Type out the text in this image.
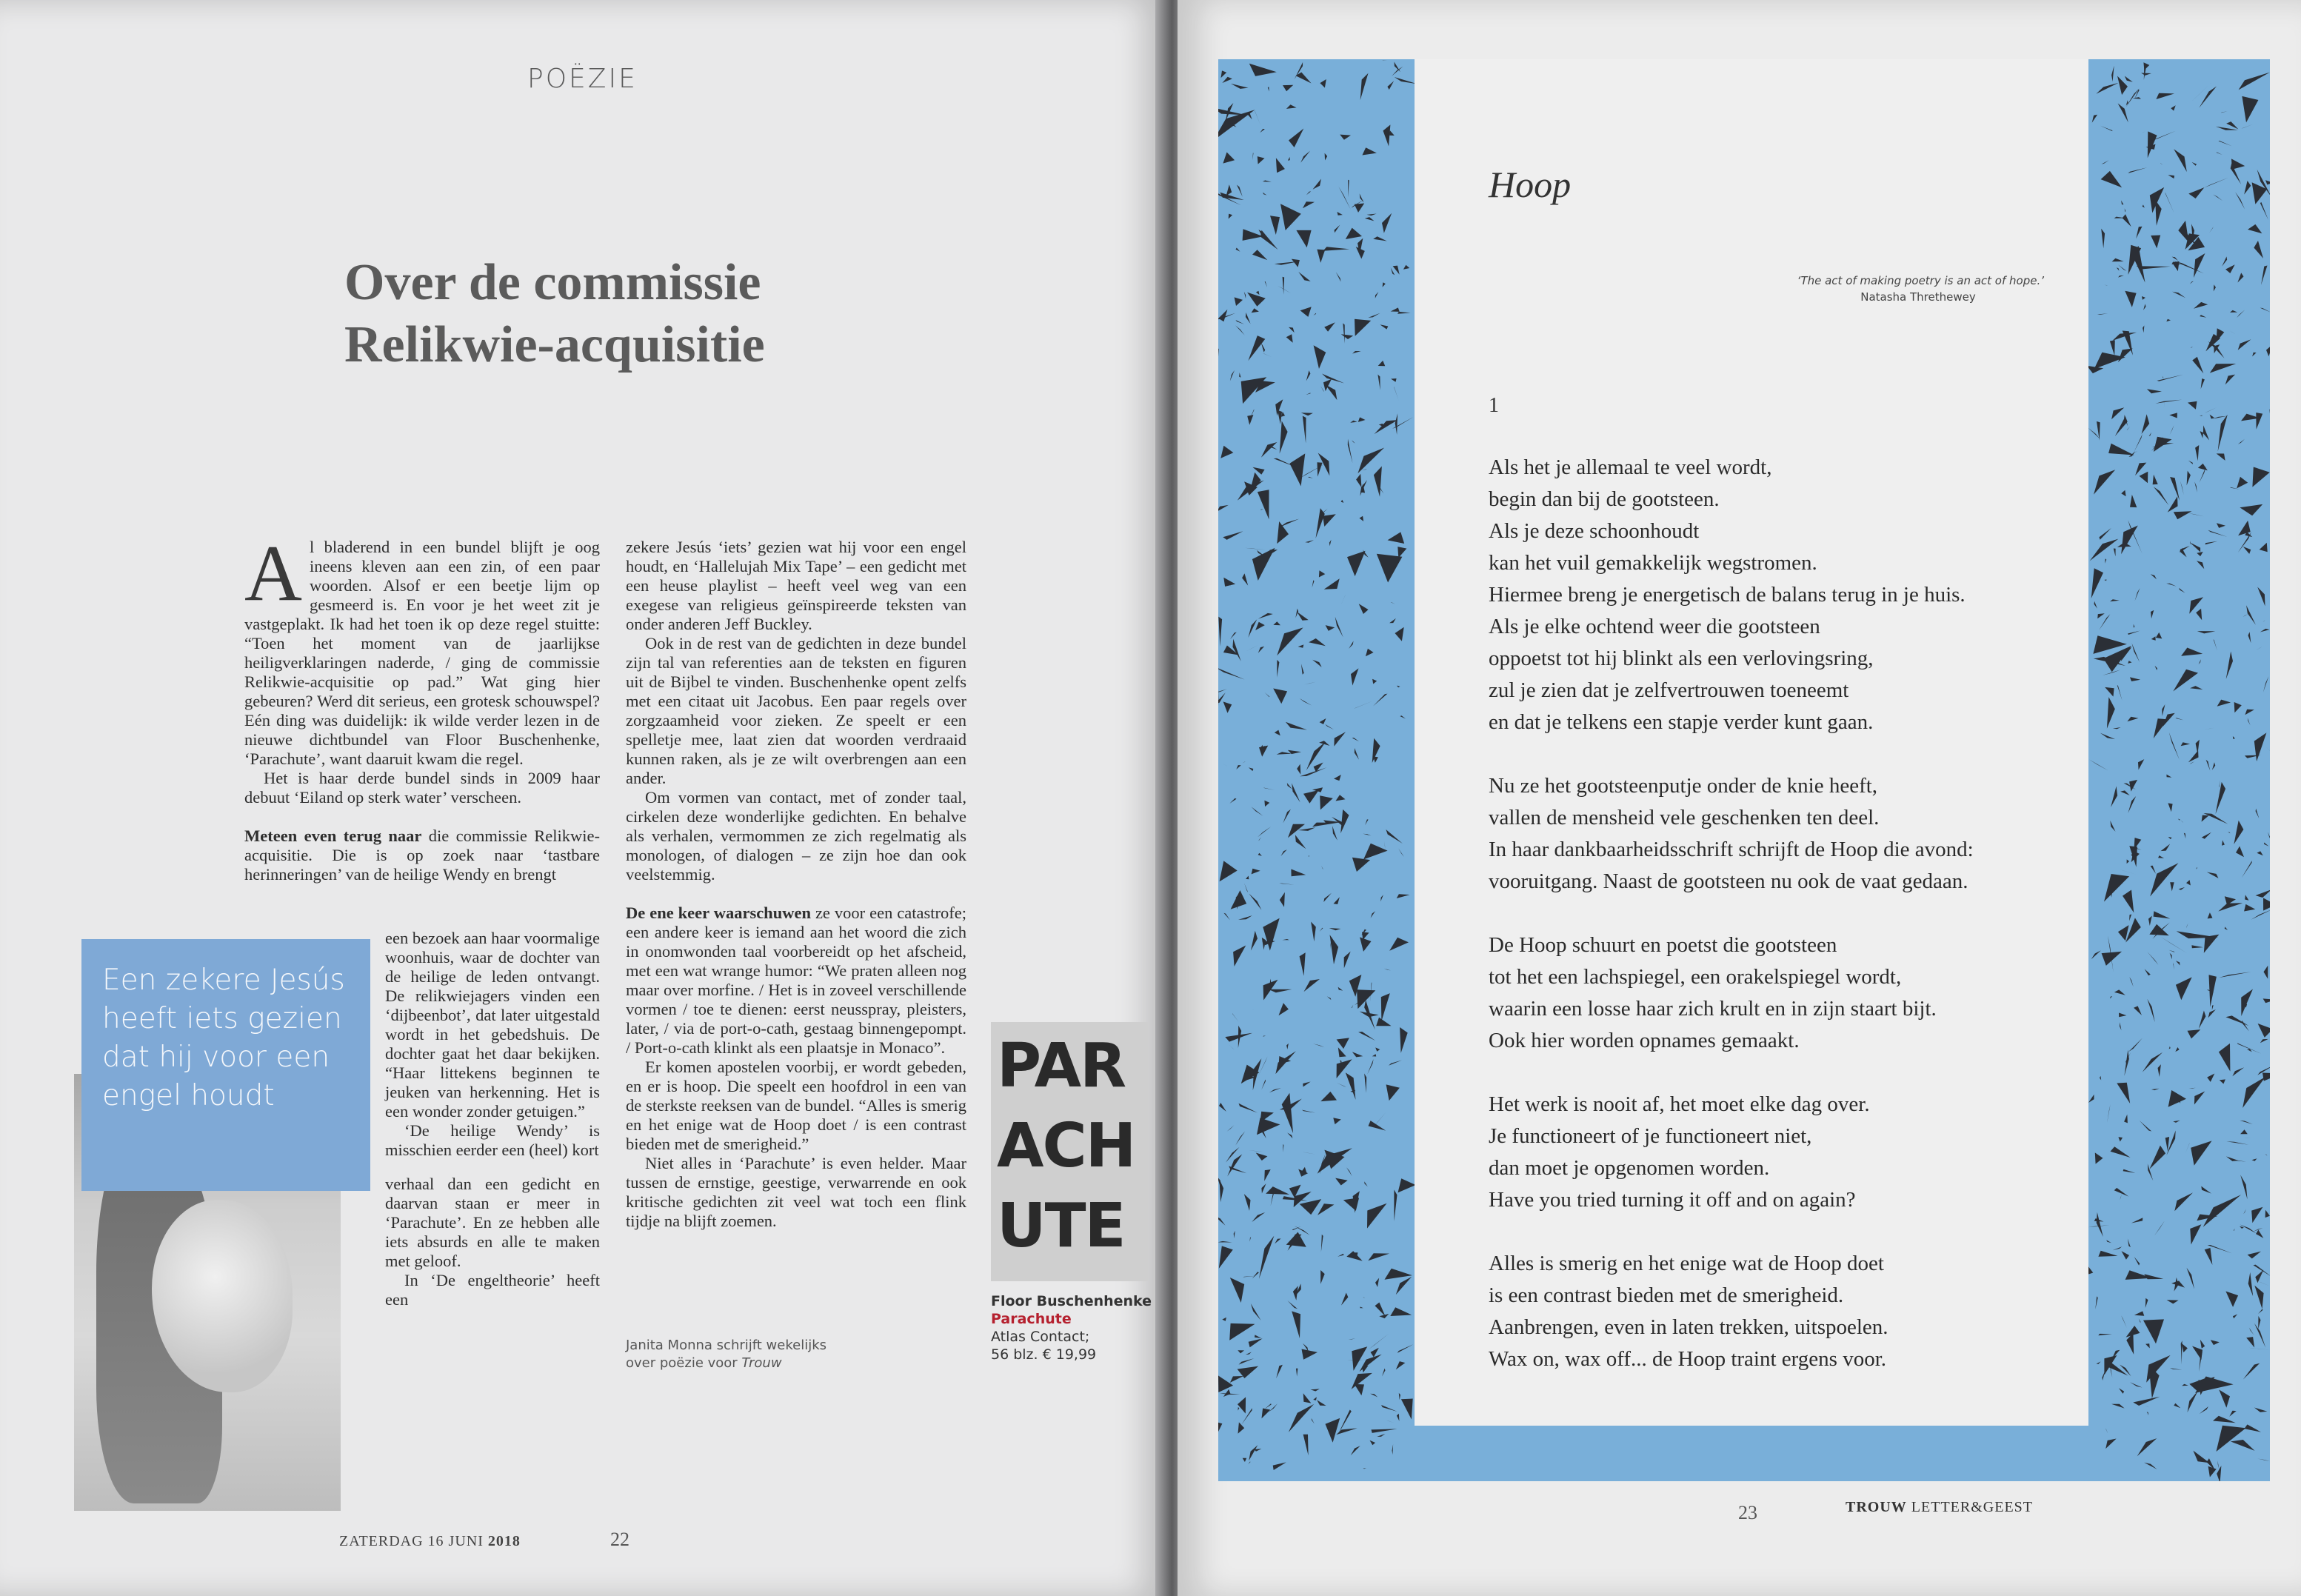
POËZIE
Over de commissie
Relikwie-acquisitie

Al bladerend in een bundel blijft je oog ineens kleven aan een zin, of een paar woorden. Alsof er een beetje lijm op gesmeerd is. En voor je het weet zit je vastgeplakt. Ik had het toen ik op deze regel stuitte: “Toen het moment van de jaarlijkse heiligverklaringen naderde, / ging de commissie Relikwie-acquisitie op pad.” Wat ging hier gebeuren? Werd dit serieus, een grotesk schouwspel? Eén ding was duidelijk: ik wilde verder lezen in de nieuwe dichtbundel van Floor Buschenhenke, ‘Parachute’, want daaruit kwam die regel.

Het is haar derde bundel sinds in 2009 haar debuut ‘Eiland op sterk water’ verscheen.

Meteen even terug naar die commissie Relikwie-acquisitie. Die is op zoek naar ‘tastbare herinneringen’ van de heilige Wendy en brengt

een bezoek aan haar voormalige woonhuis, waar de dochter van de heilige de leden ontvangt. De relikwiejagers vinden een ‘dijbeenbot’, dat later uitgestald wordt in het gebedshuis. De dochter gaat het daar bekijken. “Haar littekens beginnen te jeuken van herkenning. Het is een wonder zonder getuigen.”

‘De heilige Wendy’ is misschien eerder een (heel) kort

Een zekere Jesús heeft iets gezien dat hij voor een engel houdt

verhaal dan een gedicht en daarvan staan er meer in ‘Parachute’. En ze hebben alle iets absurds en alle te maken met geloof.

In ‘De engeltheorie’ heeft een

zekere Jesús ‘iets’ gezien wat hij voor een engel houdt, en ‘Hallelujah Mix Tape’ – een gedicht met een heuse playlist – heeft veel weg van een exegese van religieus geïnspireerde teksten van onder anderen Jeff Buckley.

Ook in de rest van de gedichten in deze bundel zijn tal van referenties aan de teksten en figuren uit de Bijbel te vinden. Buschenhenke opent zelfs met een citaat uit Jacobus. Een paar regels over zorgzaamheid voor zieken. Ze speelt er een spelletje mee, laat zien dat woorden verdraaid kunnen raken, als je ze wilt overbrengen aan een ander.

Om vormen van contact, met of zonder taal, cirkelen deze wonderlijke gedichten. En behalve als verhalen, vermommen ze zich regelmatig als monologen, of dialogen – ze zijn hoe dan ook veelstemmig.

De ene keer waarschuwen ze voor een catastrofe; een andere keer is iemand aan het woord die zich in onomwonden taal voorbereidt op het afscheid, met een wat wrange humor: “We praten alleen nog maar over morfine. / Het is in zoveel verschillende vormen / toe te dienen: eerst neusspray, pleisters, later, / via de port-o-cath, gestaag binnengepompt. / Port-o-cath klinkt als een plaatsje in Monaco”.

Er komen apostelen voorbij, er wordt gebeden, en er is hoop. Die speelt een hoofdrol in een van de sterkste reeksen van de bundel. “Alles is smerig en het enige wat de Hoop doet / is een contrast bieden met de smerigheid.”

Niet alles in ‘Parachute’ is even helder. Maar tussen de ernstige, geestige, verwarrende en ook kritische gedichten zit veel wat toch een flink tijdje na blijft zoemen.

PAR
ACH
UTE
Floor Buschenhenke
Parachute
Atlas Contact;
56 blz. € 19,99
Janita Monna schrijft wekelijks
over poëzie voor Trouw
ZATERDAG 16 JUNI 2018	22
Hoop
‘The act of making poetry is an act of hope.’
Natasha Threthewey
1
Als het je allemaal te veel wordt,
begin dan bij de gootsteen.
Als je deze schoonhoudt
kan het vuil gemakkelijk wegstromen.
Hiermee breng je energetisch de balans terug in je huis.
Als je elke ochtend weer die gootsteen
oppoetst tot hij blinkt als een verlovingsring,
zul je zien dat je zelfvertrouwen toeneemt
en dat je telkens een stapje verder kunt gaan.
Nu ze het gootsteenputje onder de knie heeft,
vallen de mensheid vele geschenken ten deel.
In haar dankbaarheidsschrift schrijft de Hoop die avond:
vooruitgang. Naast de gootsteen nu ook de vaat gedaan.
De Hoop schuurt en poetst die gootsteen
tot het een lachspiegel, een orakelspiegel wordt,
waarin een losse haar zich krult en in zijn staart bijt.
Ook hier worden opnames gemaakt.
Het werk is nooit af, het moet elke dag over.
Je functioneert of je functioneert niet,
dan moet je opgenomen worden.
Have you tried turning it off and on again?
Alles is smerig en het enige wat de Hoop doet
is een contrast bieden met de smerigheid.
Aanbrengen, even in laten trekken, uitspoelen.
Wax on, wax off... de Hoop traint ergens voor.
23	TROUW LETTER&GEEST
